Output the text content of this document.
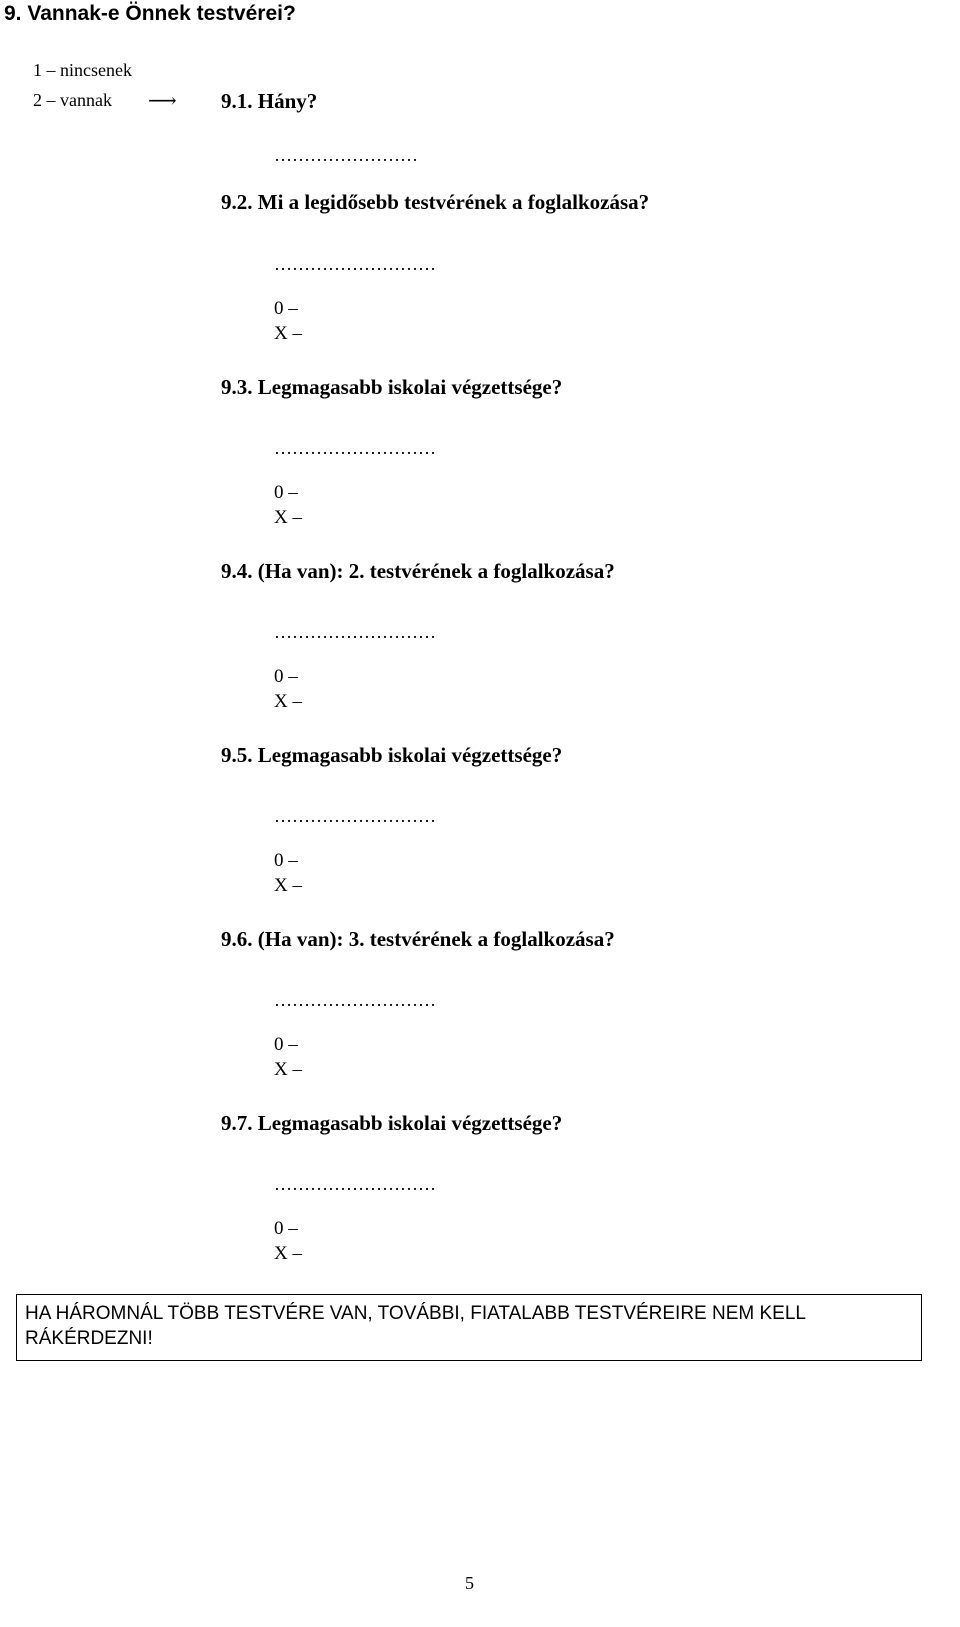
9. Vannak-e Önnek testvérei?
1 – nincsenek
2 – vannak ⟶ 9.1. Hány?
……………………
9.2. Mi a legidősebb testvérének a foglalkozása?
………………………
0 –
X –
9.3. Legmagasabb iskolai végzettsége?
………………………
0 –
X –
9.4. (Ha van): 2. testvérének a foglalkozása?
………………………
0 –
X –
9.5. Legmagasabb iskolai végzettsége?
………………………
0 –
X –
9.6. (Ha van): 3. testvérének a foglalkozása?
………………………
0 –
X –
9.7. Legmagasabb iskolai végzettsége?
………………………
0 –
X –
HA HÁROMNÁL TÖBB TESTVÉRE VAN, TOVÁBBI, FIATALABB TESTVÉREIRE NEM KELL RÁKÉRDEZNI!
5
